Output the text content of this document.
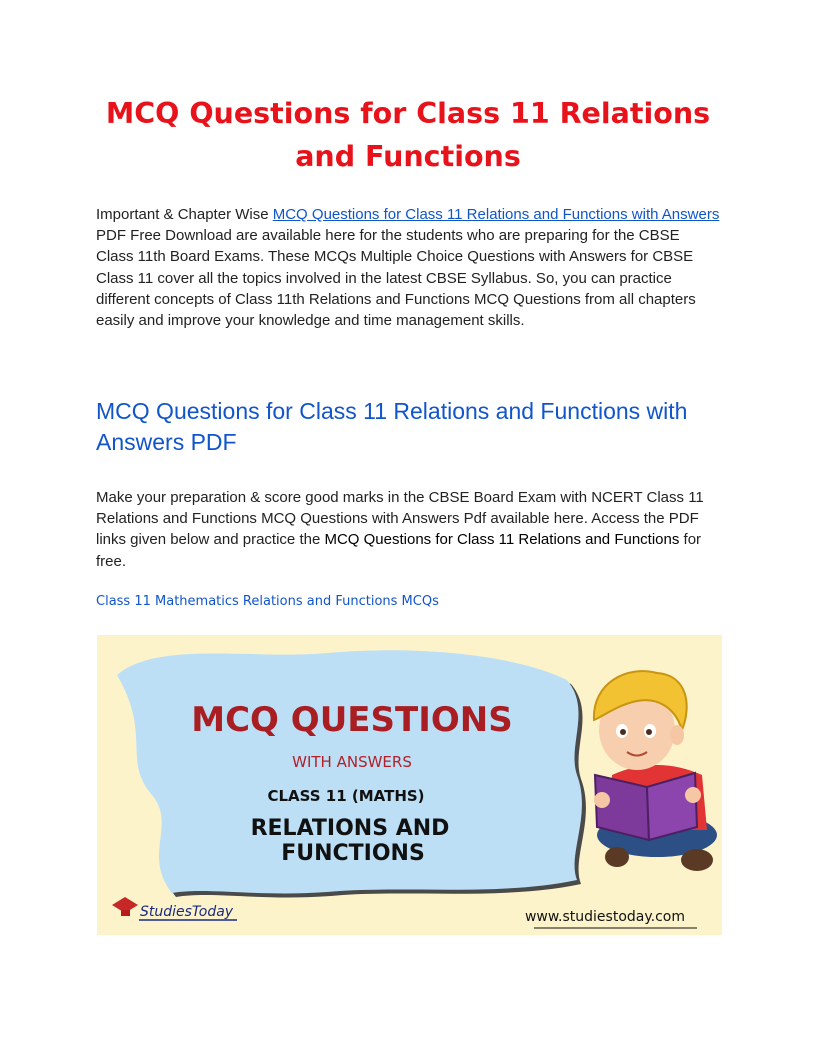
MCQ Questions for Class 11 Relations and Functions

Important & Chapter Wise MCQ Questions for Class 11 Relations and Functions with Answers PDF Free Download are available here for the students who are preparing for the CBSE Class 11th Board Exams. These MCQs Multiple Choice Questions with Answers for CBSE Class 11 cover all the topics involved in the latest CBSE Syllabus. So, you can practice different concepts of Class 11th Relations and Functions MCQ Questions from all chapters easily and improve your knowledge and time management skills.

MCQ Questions for Class 11 Relations and Functions with Answers PDF

Make your preparation & score good marks in the CBSE Board Exam with NCERT Class 11 Relations and Functions MCQ Questions with Answers Pdf available here. Access the PDF links given below and practice the MCQ Questions for Class 11 Relations and Functions for free.

Class 11 Mathematics Relations and Functions MCQs
MCQ QUESTIONS
WITH ANSWERS
CLASS 11 (MATHS)
RELATIONS AND
FUNCTIONS
StudiesToday	www.studiestoday.com
